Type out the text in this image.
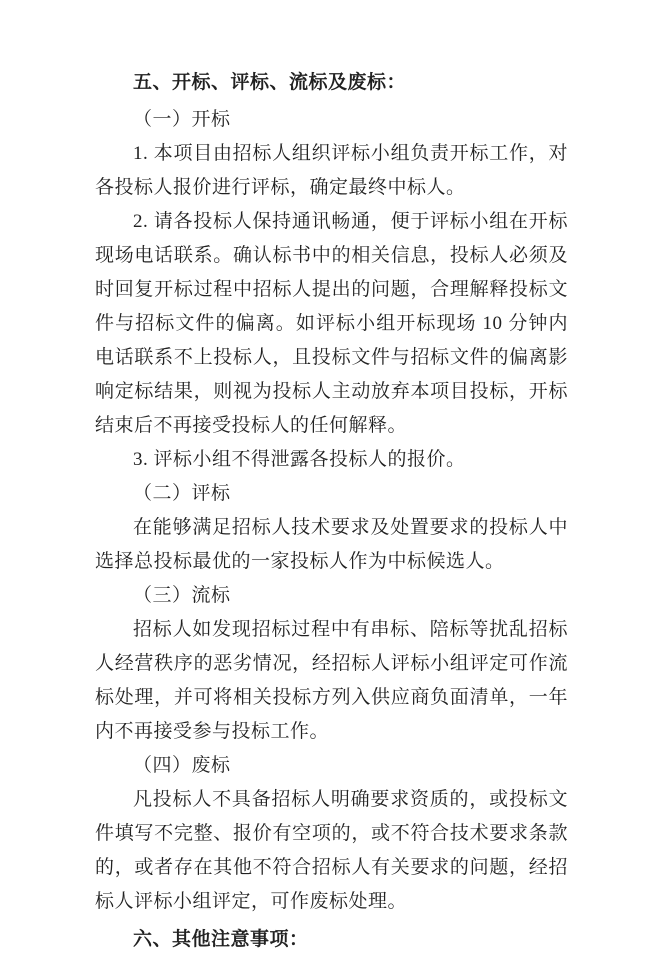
五、开标、评标、流标及废标：

（一）开标

1. 本项目由招标人组织评标小组负责开标工作，对各投标人报价进行评标，确定最终中标人。

2. 请各投标人保持通讯畅通，便于评标小组在开标现场电话联系。确认标书中的相关信息，投标人必须及时回复开标过程中招标人提出的问题，合理解释投标文件与招标文件的偏离。如评标小组开标现场 10 分钟内电话联系不上投标人，且投标文件与招标文件的偏离影响定标结果，则视为投标人主动放弃本项目投标，开标结束后不再接受投标人的任何解释。

3. 评标小组不得泄露各投标人的报价。

（二）评标

在能够满足招标人技术要求及处置要求的投标人中选择总投标最优的一家投标人作为中标候选人。

（三）流标

招标人如发现招标过程中有串标、陪标等扰乱招标人经营秩序的恶劣情况，经招标人评标小组评定可作流标处理，并可将相关投标方列入供应商负面清单，一年内不再接受参与投标工作。

（四）废标

凡投标人不具备招标人明确要求资质的，或投标文件填写不完整、报价有空项的，或不符合技术要求条款的，或者存在其他不符合招标人有关要求的问题，经招标人评标小组评定，可作废标处理。

六、其他注意事项：
